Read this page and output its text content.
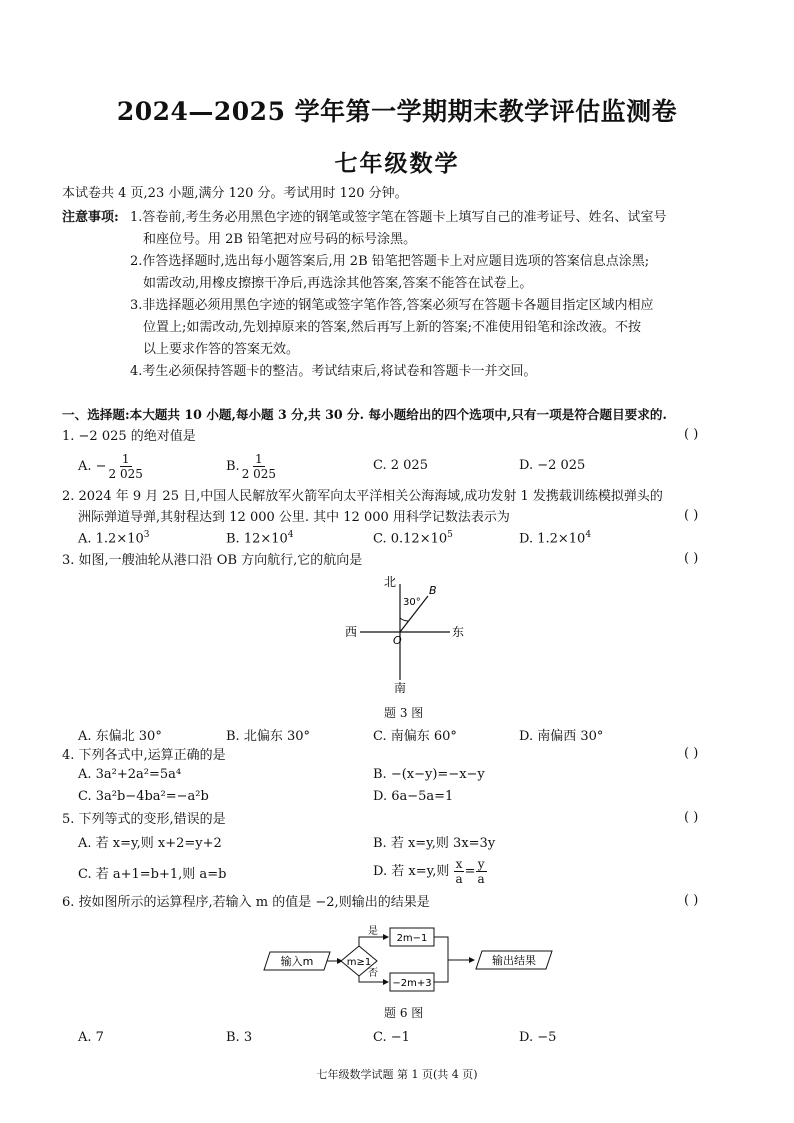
2024—2025 学年第一学期期末教学评估监测卷
七年级数学
本试卷共 4 页,23 小题,满分 120 分。考试用时 120 分钟。
注意事项: 1.答卷前,考生务必用黑色字迹的钢笔或签字笔在答题卡上填写自己的准考证号、姓名、试室号
和座位号。用 2B 铅笔把对应号码的标号涂黑。
2.作答选择题时,选出每小题答案后,用 2B 铅笔把答题卡上对应题目选项的答案信息点涂黑;
如需改动,用橡皮擦擦干净后,再选涂其他答案,答案不能答在试卷上。
3.非选择题必须用黑色字迹的钢笔或签字笔作答,答案必须写在答题卡各题目指定区域内相应
位置上;如需改动,先划掉原来的答案,然后再写上新的答案;不准使用铅笔和涂改液。不按
以上要求作答的答案无效。
4.考生必须保持答题卡的整洁。考试结束后,将试卷和答题卡一并交回。
一、选择题:本大题共 10 小题,每小题 3 分,共 30 分. 每小题给出的四个选项中,只有一项是符合题目要求的.
1. −2 025 的绝对值是	( )
A. − $\frac{1}{2 025}$	B. $\frac{1}{2 025}$	C. 2 025	D. −2 025
2. 2024 年 9 月 25 日,中国人民解放军火箭军向太平洋相关公海海域,成功发射 1 发携载训练模拟弹头的
洲际弹道导弹,其射程达到 12 000 公里. 其中 12 000 用科学记数法表示为	( )
A. $1.2\times 10^3$	B. $12\times 10^4$	C. $0.12\times 10^5$	D. $1.2\times 10^4$
3. 如图,一艘油轮从港口沿 OB 方向航行,它的航向是	( )
北
南
西	东
O
B
30°
题 3 图
A. 东偏北 30°	B. 北偏东 30°	C. 南偏东 60°	D. 南偏西 30°
4. 下列各式中,运算正确的是	( )
A. 3a²+2a²=5a⁴	B. −(x−y)=−x−y
C. 3a²b−4ba²=−a²b	D. 6a−5a=1
5. 下列等式的变形,错误的是	( )
A. 若 x=y,则 x+2=y+2	B. 若 x=y,则 3x=3y
C. 若 a+1=b+1,则 a=b	D. 若 x=y,则 $\frac{x}{a} = \frac{y}{a}$
6. 按如图所示的运算程序,若输入 m 的值是 −2,则输出的结果是	( )
输入m	m≥1
是
否
2m−1
−2m+3
输出结果
题 6 图
A. 7	B. 3	C. −1	D. −5
七年级数学试题 第 1 页(共 4 页)
